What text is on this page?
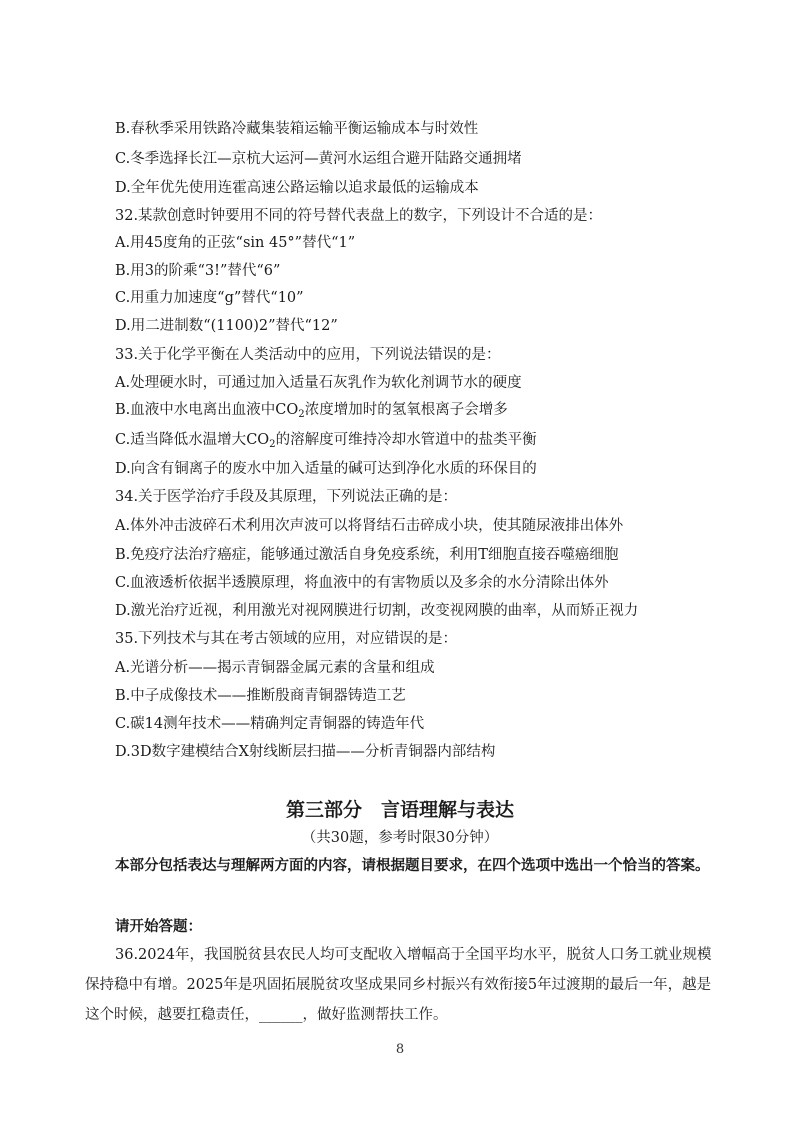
B.春秋季采用铁路冷藏集装箱运输平衡运输成本与时效性
C.冬季选择长江—京杭大运河—黄河水运组合避开陆路交通拥堵
D.全年优先使用连霍高速公路运输以追求最低的运输成本
32.某款创意时钟要用不同的符号替代表盘上的数字，下列设计不合适的是：
A.用45度角的正弦“sin 45°”替代“1”
B.用3的阶乘“3!”替代“6”
C.用重力加速度“g”替代“10”
D.用二进制数“(1100)2”替代“12”
33.关于化学平衡在人类活动中的应用，下列说法错误的是：
A.处理硬水时，可通过加入适量石灰乳作为软化剂调节水的硬度
B.血液中水电离出血液中$CO_2$浓度增加时的氢氧根离子会增多
C.适当降低水温增大$CO_2$的溶解度可维持冷却水管道中的盐类平衡
D.向含有铜离子的废水中加入适量的碱可达到净化水质的环保目的
34.关于医学治疗手段及其原理，下列说法正确的是：
A.体外冲击波碎石术利用次声波可以将肾结石击碎成小块，使其随尿液排出体外
B.免疫疗法治疗癌症，能够通过激活自身免疫系统，利用T细胞直接吞噬癌细胞
C.血液透析依据半透膜原理，将血液中的有害物质以及多余的水分清除出体外
D.激光治疗近视，利用激光对视网膜进行切割，改变视网膜的曲率，从而矫正视力
35.下列技术与其在考古领域的应用，对应错误的是：
A.光谱分析——揭示青铜器金属元素的含量和组成
B.中子成像技术——推断殷商青铜器铸造工艺
C.碳14测年技术——精确判定青铜器的铸造年代
D.3D数字建模结合X射线断层扫描——分析青铜器内部结构
第三部分　言语理解与表达
（共30题，参考时限30分钟）
本部分包括表达与理解两方面的内容，请根据题目要求，在四个选项中选出一个恰当的答案。
请开始答题：
36.2024年，我国脱贫县农民人均可支配收入增幅高于全国平均水平，脱贫人口务工就业规模保持稳中有增。2025年是巩固拓展脱贫攻坚成果同乡村振兴有效衔接5年过渡期的最后一年，越是这个时候，越要扛稳责任，______，做好监测帮扶工作。
8
